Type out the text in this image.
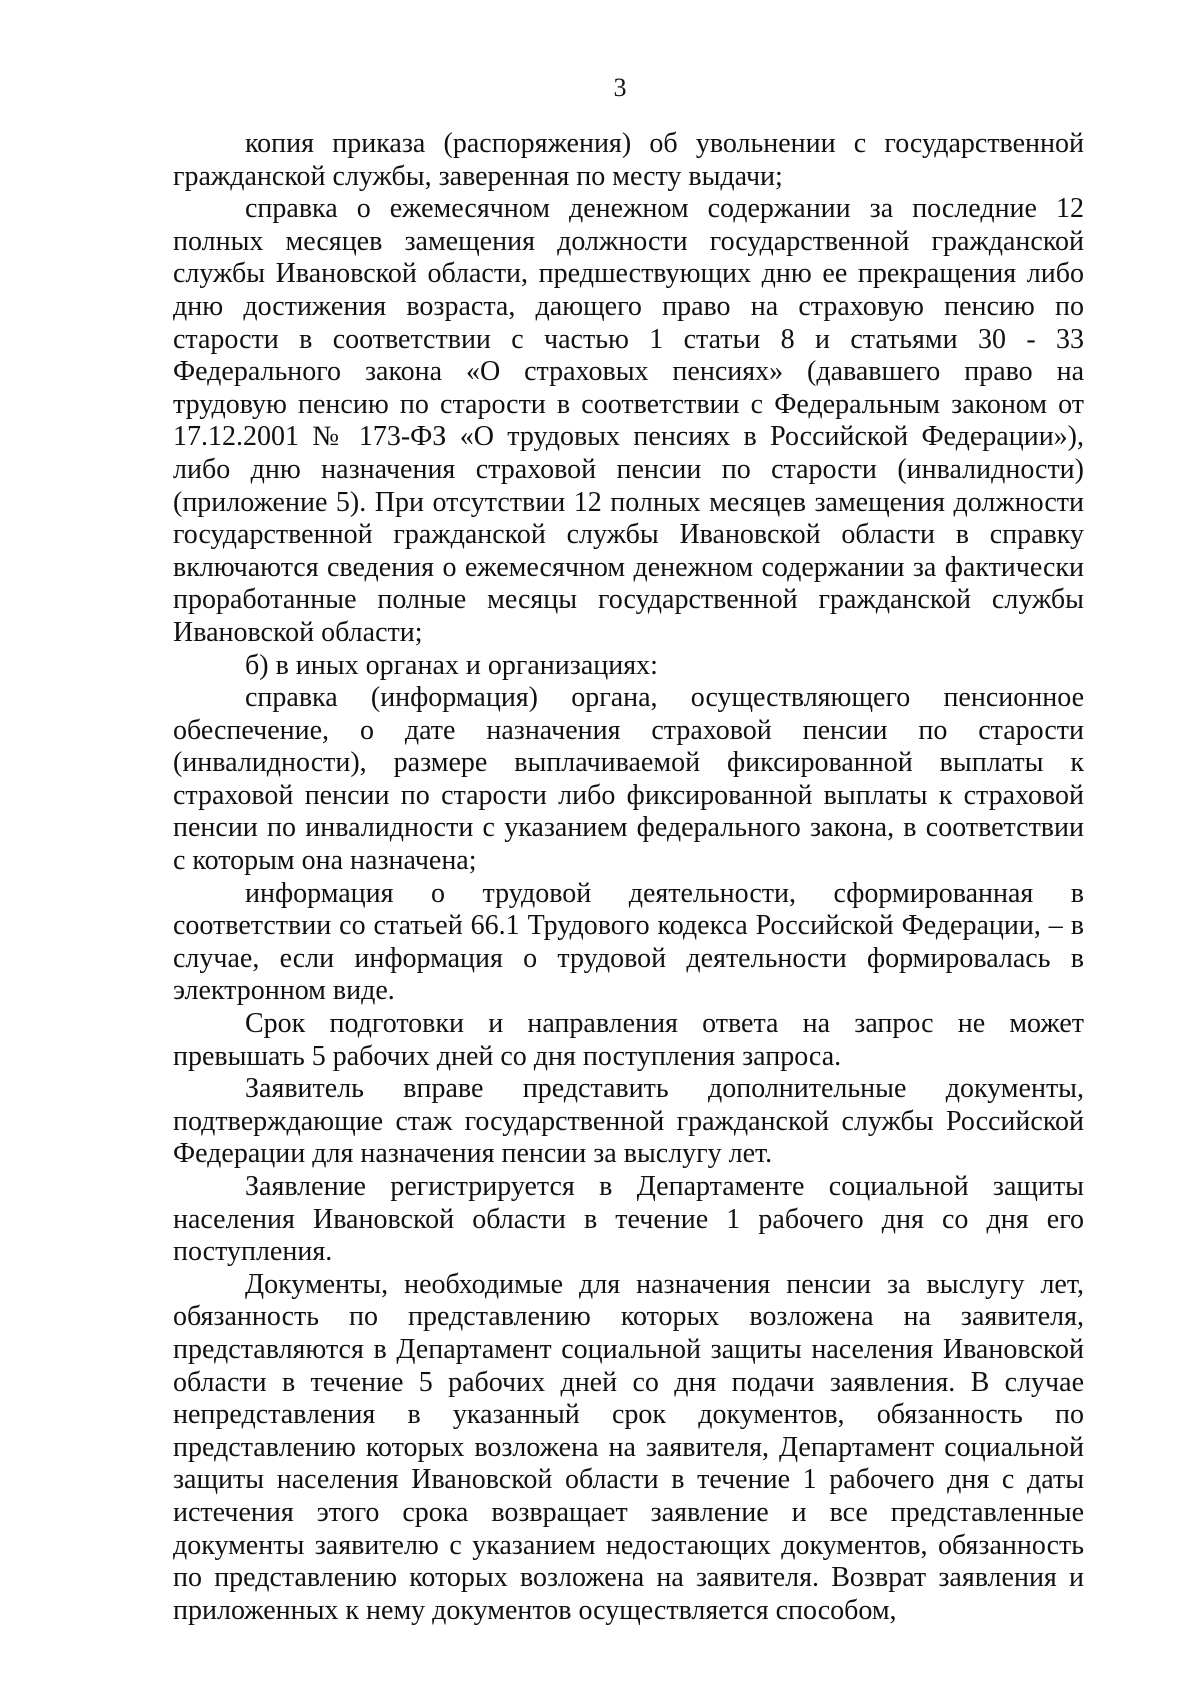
3

копия приказа (распоряжения) об увольнении с государственной гражданской службы, заверенная по месту выдачи;

справка о ежемесячном денежном содержании за последние 12 полных месяцев замещения должности государственной гражданской службы Ивановской области, предшествующих дню ее прекращения либо дню достижения возраста, дающего право на страховую пенсию по старости в соответствии с частью 1 статьи 8 и статьями 30 - 33 Федерального закона «О страховых пенсиях» (дававшего право на трудовую пенсию по старости в соответствии с Федеральным законом от 17.12.2001 № 173-ФЗ «О трудовых пенсиях в Российской Федерации»), либо дню назначения страховой пенсии по старости (инвалидности) (приложение 5). При отсутствии 12 полных месяцев замещения должности государственной гражданской службы Ивановской области в справку включаются сведения о ежемесячном денежном содержании за фактически проработанные полные месяцы государственной гражданской службы Ивановской области;

б) в иных органах и организациях:

справка (информация) органа, осуществляющего пенсионное обеспечение, о дате назначения страховой пенсии по старости (инвалидности), размере выплачиваемой фиксированной выплаты к страховой пенсии по старости либо фиксированной выплаты к страховой пенсии по инвалидности с указанием федерального закона, в соответствии с которым она назначена;

информация о трудовой деятельности, сформированная в соответствии со статьей 66.1 Трудового кодекса Российской Федерации, – в случае, если информация о трудовой деятельности формировалась в электронном виде.

Срок подготовки и направления ответа на запрос не может превышать 5 рабочих дней со дня поступления запроса.

Заявитель вправе представить дополнительные документы, подтверждающие стаж государственной гражданской службы Российской Федерации для назначения пенсии за выслугу лет.

Заявление регистрируется в Департаменте социальной защиты населения Ивановской области в течение 1 рабочего дня со дня его поступления.

Документы, необходимые для назначения пенсии за выслугу лет, обязанность по представлению которых возложена на заявителя, представляются в Департамент социальной защиты населения Ивановской области в течение 5 рабочих дней со дня подачи заявления. В случае непредставления в указанный срок документов, обязанность по представлению которых возложена на заявителя, Департамент социальной защиты населения Ивановской области в течение 1 рабочего дня с даты истечения этого срока возвращает заявление и все представленные документы заявителю с указанием недостающих документов, обязанность по представлению которых возложена на заявителя. Возврат заявления и приложенных к нему документов осуществляется способом,
